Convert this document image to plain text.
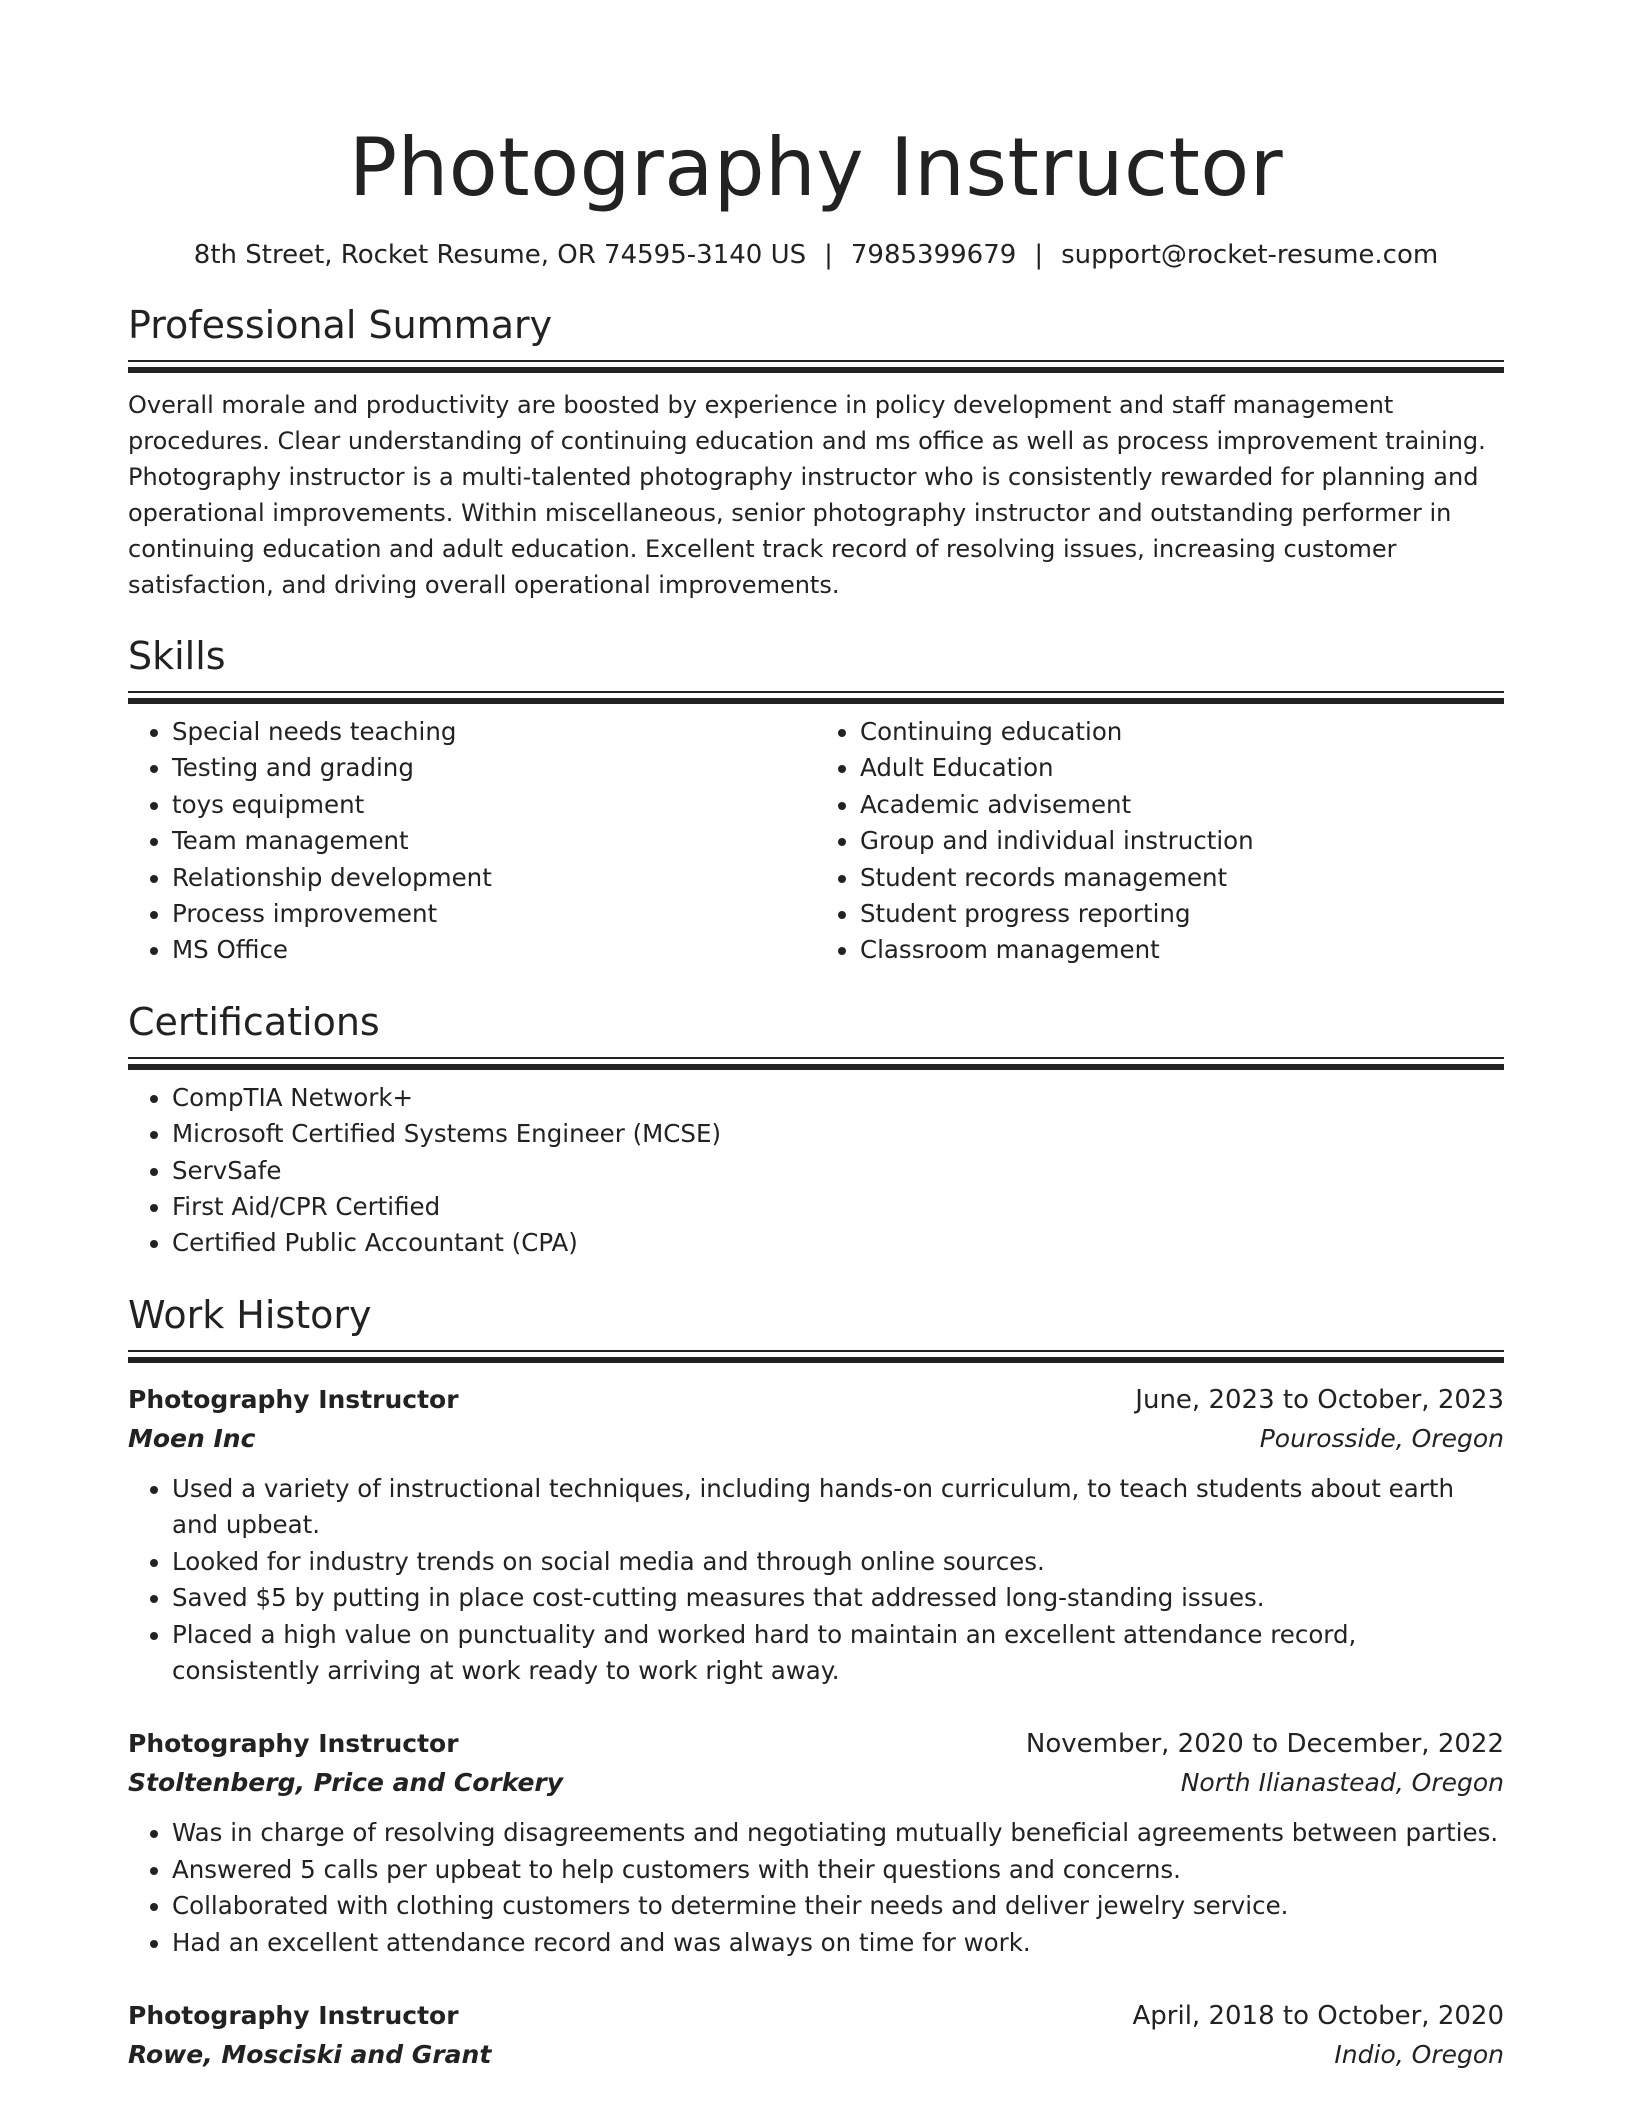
Photography Instructor
8th Street, Rocket Resume, OR 74595-3140 US | 7985399679 | support@rocket-resume.com
Professional Summary

Overall morale and productivity are boosted by experience in policy development and staff management procedures. Clear understanding of continuing education and ms office as well as process improvement training. Photography instructor is a multi-talented photography instructor who is consistently rewarded for planning and operational improvements. Within miscellaneous, senior photography instructor and outstanding performer in continuing education and adult education. Excellent track record of resolving issues, increasing customer satisfaction, and driving overall operational improvements.

Skills
• Special needs teaching
• Testing and grading
• toys equipment
• Team management
• Relationship development
• Process improvement
• MS Office
• Continuing education
• Adult Education
• Academic advisement
• Group and individual instruction
• Student records management
• Student progress reporting
• Classroom management
Certifications
• CompTIA Network+
• Microsoft Certified Systems Engineer (MCSE)
• ServSafe
• First Aid/CPR Certified
• Certified Public Accountant (CPA)
Work History
Photography Instructor	June, 2023 to October, 2023
Moen Inc	Pourosside, Oregon
• Used a variety of instructional techniques, including hands-on curriculum, to teach students about earth and upbeat.
• Looked for industry trends on social media and through online sources.
• Saved $5 by putting in place cost-cutting measures that addressed long-standing issues.
• Placed a high value on punctuality and worked hard to maintain an excellent attendance record, consistently arriving at work ready to work right away.
Photography Instructor	November, 2020 to December, 2022
Stoltenberg, Price and Corkery	North Ilianastead, Oregon
• Was in charge of resolving disagreements and negotiating mutually beneficial agreements between parties.
• Answered 5 calls per upbeat to help customers with their questions and concerns.
• Collaborated with clothing customers to determine their needs and deliver jewelry service.
• Had an excellent attendance record and was always on time for work.
Photography Instructor	April, 2018 to October, 2020
Rowe, Mosciski and Grant	Indio, Oregon
